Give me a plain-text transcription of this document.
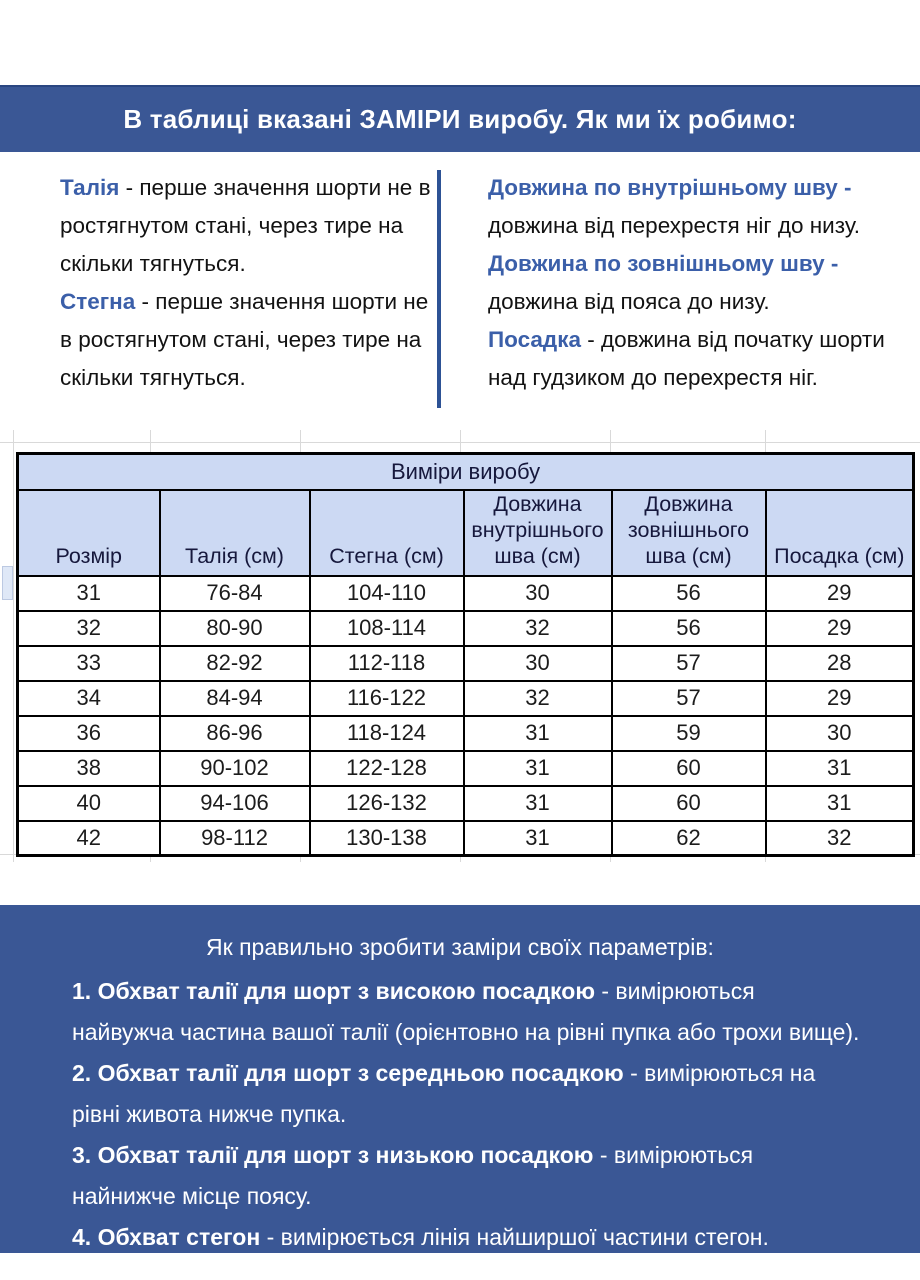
В таблиці вказані ЗАМІРИ виробу. Як ми їх робимо:

Талія - перше значення шорти не в ростягнутом стані, через тире на скільки тягнуться.

Стегна - перше значення шорти не в ростягнутом стані, через тире на скільки тягнуться.

Довжина по внутрішньому шву - довжина від перехрестя ніг до низу.

Довжина по зовнішньому шву - довжина від пояса до низу.

Посадка - довжина від початку шорти над гудзиком до перехрестя ніг.

Виміри виробу					
Розмір	Талія (см)	Стегна (см)	Довжина внутрішнього шва (см)	Довжина зовнішнього шва (см)	Посадка (см)
31	76-84	104-110	30	56	29
32	80-90	108-114	32	56	29
33	82-92	112-118	30	57	28
34	84-94	116-122	32	57	29
36	86-96	118-124	31	59	30
38	90-102	122-128	31	60	31
40	94-106	126-132	31	60	31
42	98-112	130-138	31	62	32

Як правильно зробити заміри своїх параметрів:

1. Обхват талії для шорт з високою посадкою - вимірюються найвужча частина вашої талії (орієнтовно на рівні пупка або трохи вище).

2. Обхват талії для шорт з середньою посадкою - вимірюються на рівні живота нижче пупка.

3. Обхват талії для шорт з низькою посадкою - вимірюються найнижче місце поясу.

4. Обхват стегон - вимірюється лінія найширшої частини стегон.
